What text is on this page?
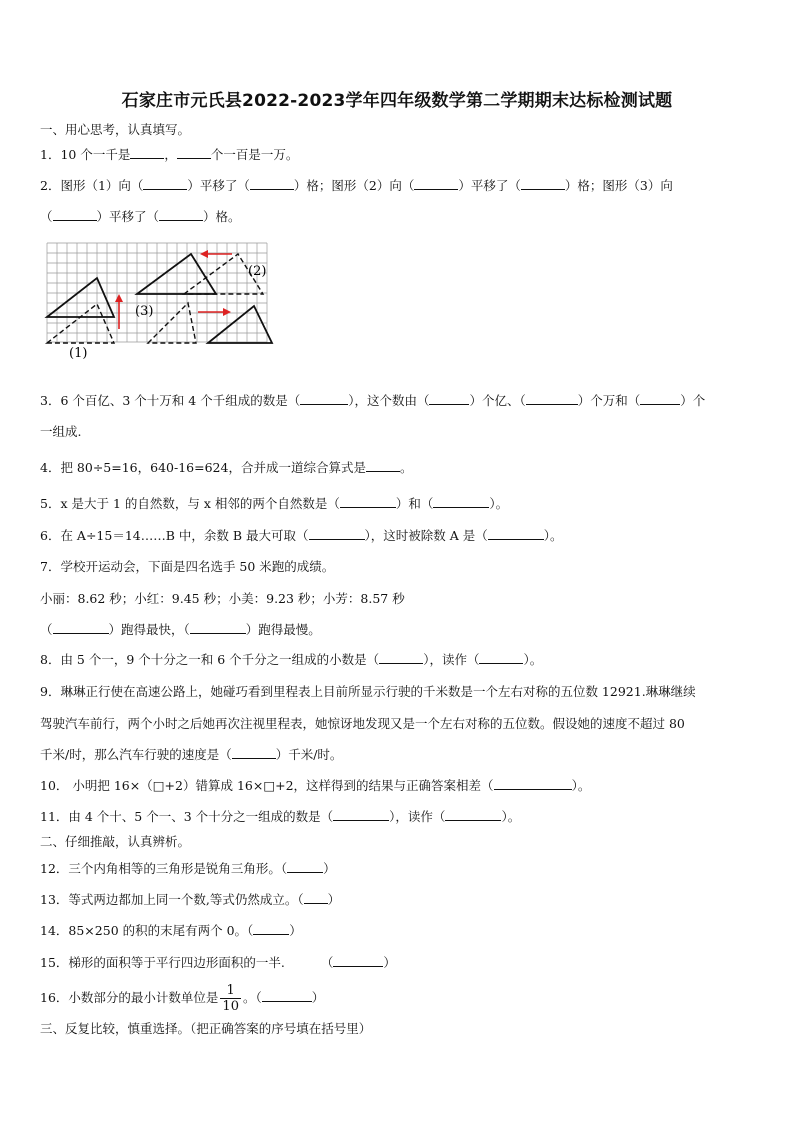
石家庄市元氏县2022-2023学年四年级数学第二学期期末达标检测试题
一、用心思考，认真填写。
1．10 个一千是	，	个一百是一万。
2．图形（1）向（	）平移了（	）格；图形（2）向（	）平移了（	）格；图形（3）向
（	）平移了（	）格。
(1)
(2)
(3)
3．6 个百亿、3 个十万和 4 个千组成的数是（	），这个数由（	）个亿、（	）个万和（	）个
一组成.
4．把 80÷5=16，640-16=624，合并成一道综合算式是	。
5．x 是大于 1 的自然数，与 x 相邻的两个自然数是（	）和（	）。
6．在 A÷15＝14……B 中，余数 B 最大可取（	），这时被除数 A 是（	）。
7．学校开运动会，下面是四名选手 50 米跑的成绩。
小丽：8.62 秒；小红：9.45 秒；小美：9.23 秒；小芳：8.57 秒
（	）跑得最快，（	）跑得最慢。
8．由 5 个一，9 个十分之一和 6 个千分之一组成的小数是（	），读作（	）。
9．琳琳正行使在高速公路上，她碰巧看到里程表上目前所显示行驶的千米数是一个左右对称的五位数 12921.琳琳继续
驾驶汽车前行，两个小时之后她再次注视里程表，她惊讶地发现又是一个左右对称的五位数。假设她的速度不超过 80
千米/时，那么汽车行驶的速度是（	）千米/时。
10． 小明把 16×（□+2）错算成 16×□+2，这样得到的结果与正确答案相差（	）。
11．由 4 个十、5 个一、3 个十分之一组成的数是（	），读作（	）。
二、仔细推敲，认真辨析。
12．三个内角相等的三角形是锐角三角形。（	）
13．等式两边都加上同一个数,等式仍然成立。（ ）
14．85×250 的积的末尾有两个 0。（	）
15．梯形的面积等于平行四边形面积的一半.	（	）
16．小数部分的最小计数单位是 $\frac{1}{10}$ 。（	）
三、反复比较，慎重选择。（把正确答案的序号填在括号里）
